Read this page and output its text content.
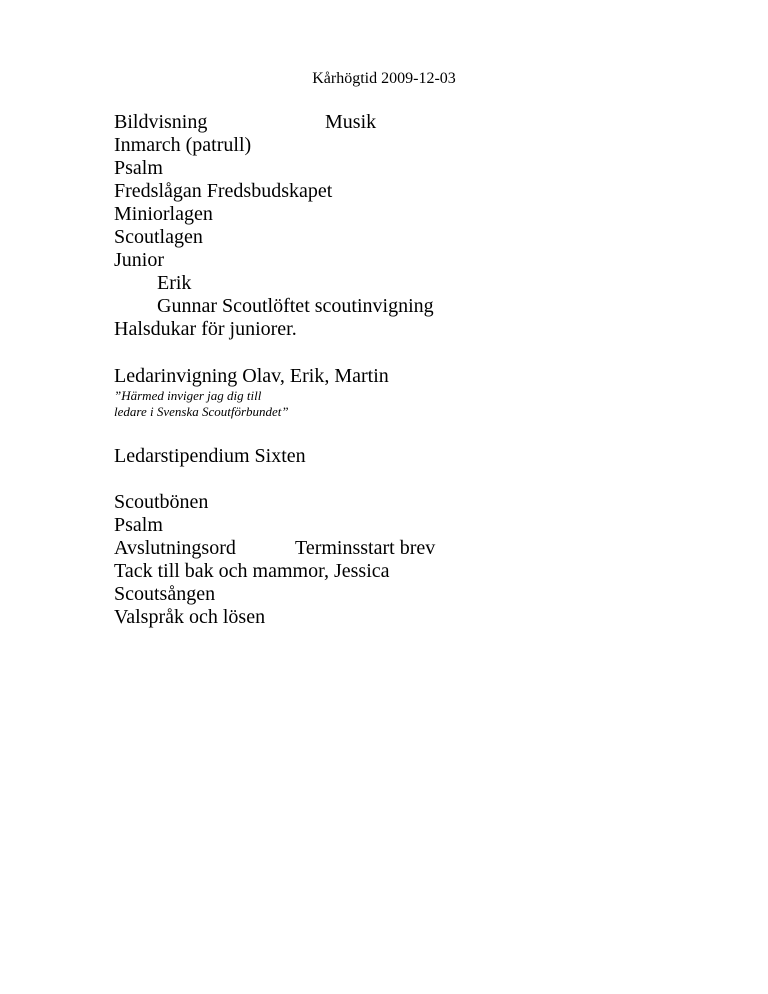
Kårhögtid 2009-12-03
Bildvisning	Musik
Inmarch (patrull)
Psalm
Fredslågan Fredsbudskapet
Miniorlagen
Scoutlagen
Junior
Erik
Gunnar Scoutlöftet scoutinvigning
Halsdukar för juniorer.
Ledarinvigning Olav, Erik, Martin
”Härmed inviger jag dig till
ledare i Svenska Scoutförbundet”
Ledarstipendium Sixten
Scoutbönen
Psalm
Avslutningsord	Terminsstart brev
Tack till bak och mammor, Jessica
Scoutsången
Valspråk och lösen
